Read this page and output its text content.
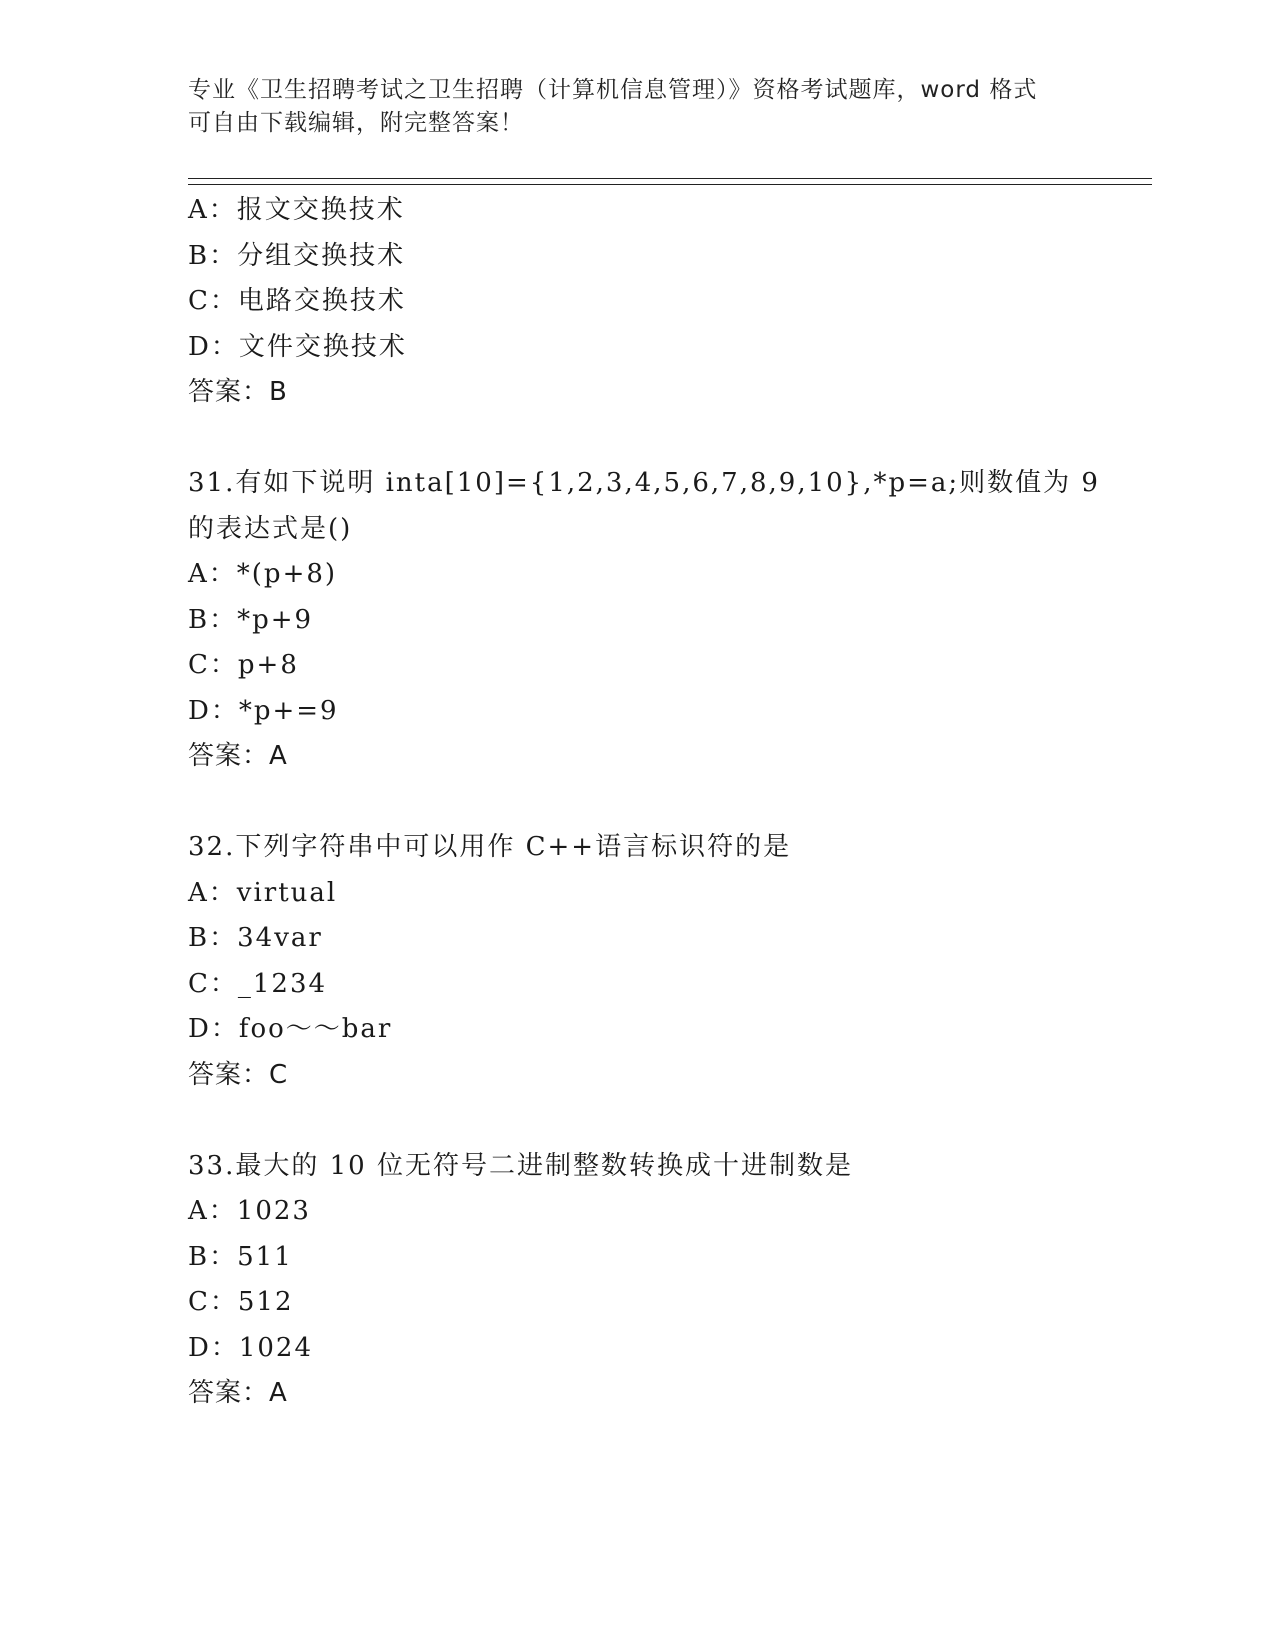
专业《卫生招聘考试之卫生招聘（计算机信息管理）》资格考试题库，word 格式
可自由下载编辑，附完整答案！
A：报文交换技术
B：分组交换技术
C：电路交换技术
D：文件交换技术
答案：B
31.有如下说明 inta[10]={1,2,3,4,5,6,7,8,9,10},*p=a;则数值为 9
的表达式是()
A：*(p+8)
B：*p+9
C：p+8
D：*p+=9
答案：A
32.下列字符串中可以用作 C++语言标识符的是
A：virtual
B：34var
C：_1234
D：foo～～bar
答案：C
33.最大的 10 位无符号二进制整数转换成十进制数是
A：1023
B：511
C：512
D：1024
答案：A
